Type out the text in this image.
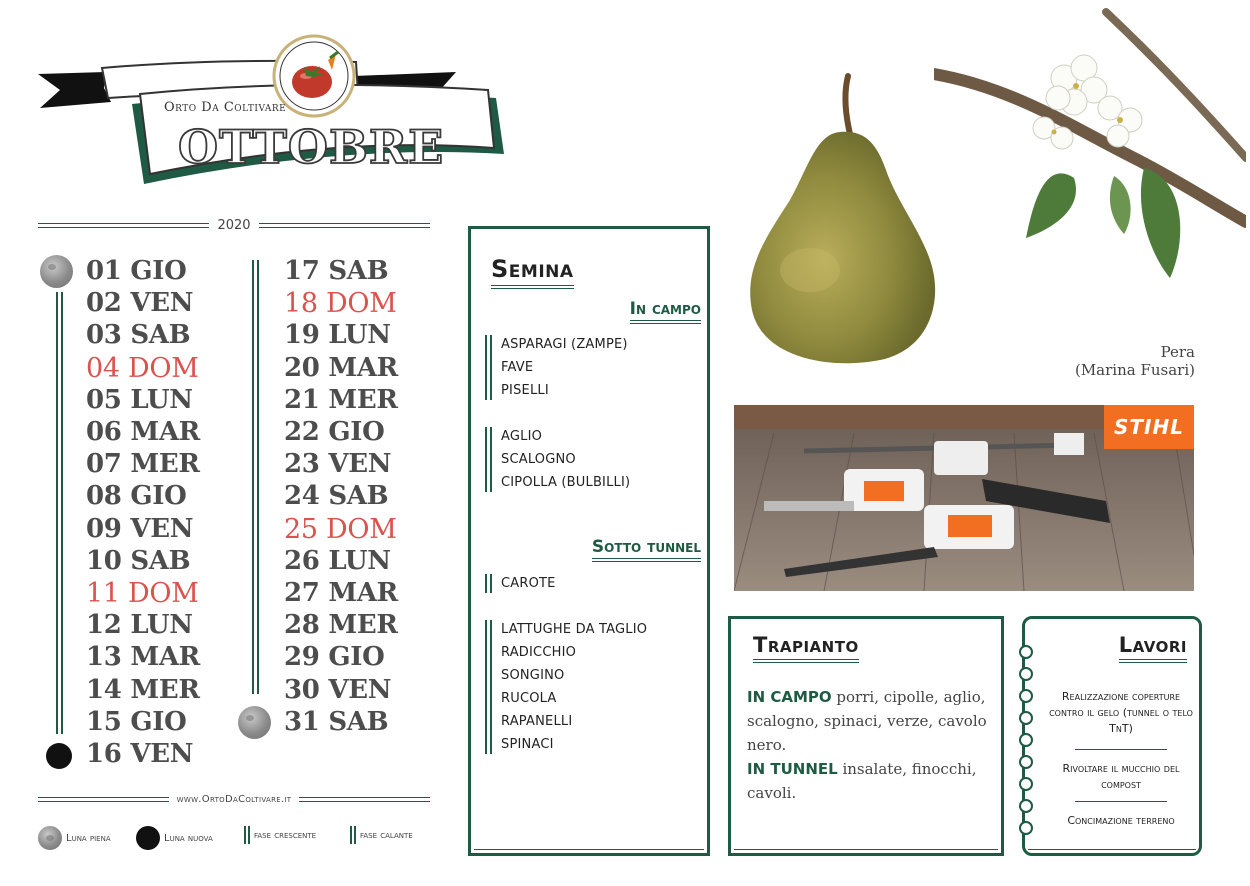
Orto Da Coltivare
OTTOBRE
2020
01 GIO
02 VEN
03 SAB
04 DOM
05 LUN
06 MAR
07 MER
08 GIO
09 VEN
10 SAB
11 DOM
12 LUN
13 MAR
14 MER
15 GIO
16 VEN
17 SAB
18 DOM
19 LUN
20 MAR
21 MER
22 GIO
23 VEN
24 SAB
25 DOM
26 LUN
27 MAR
28 MER
29 GIO
30 VEN
31 SAB
www.OrtoDaColtivare.it
Luna piena	Luna nuova	fase crescente	fase calante
Semina
In campo
ASPARAGI (ZAMPE)
FAVE
PISELLI
AGLIO
SCALOGNO
CIPOLLA (BULBILLI)
Sotto tunnel
CAROTE
LATTUGHE DA TAGLIO
RADICCHIO
SONGINO
RUCOLA
RAPANELLI
SPINACI
Pera
(Marina Fusari)
STIHL
Trapianto
IN CAMPO porri, cipolle, aglio, scalogno, spinaci, verze, cavolo nero.
IN TUNNEL insalate, finocchi, cavoli.
Lavori
Realizzazione coperture contro il gelo (tunnel o telo TnT)
Rivoltare il mucchio del compost
Concimazione terreno
